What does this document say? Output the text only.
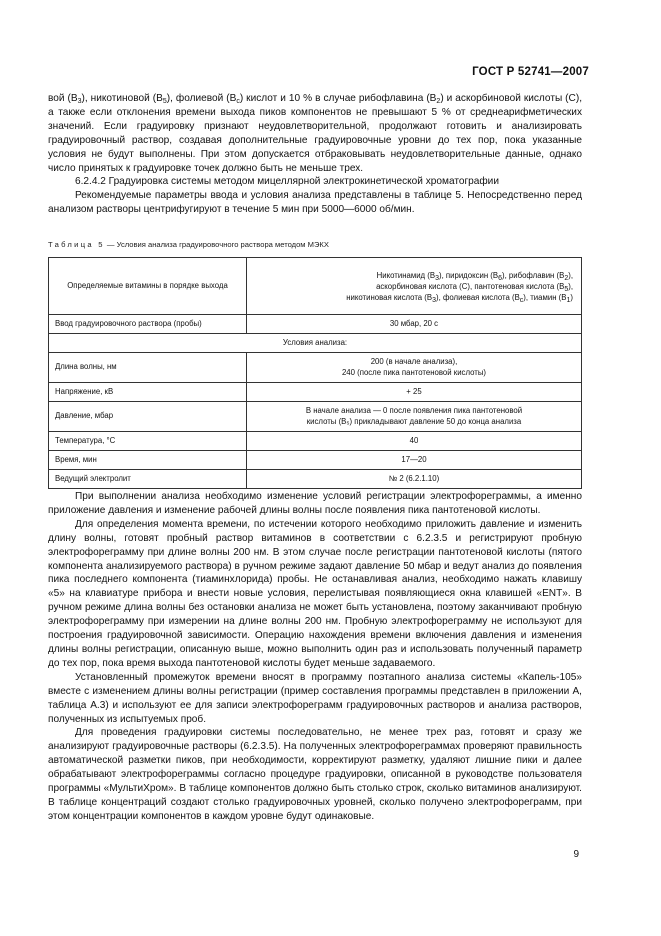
ГОСТ Р 52741—2007

вой $(В_3)$, никотиновой $(В_5)$, фолиевой $(В_с)$ кислот и 10 % в случае рибофлавина $(В_2)$ и аскорбиновой кислоты (С), а также если отклонения времени выхода пиков компонентов не превышают 5 % от среднеарифметических значений. Если градуировку признают неудовлетворительной, продолжают готовить и анализировать градуировочный раствор, создавая дополнительные градуировочные уровни до тех пор, пока указанные условия не будут выполнены. При этом допускается отбраковывать неудовлетворительные данные, однако число принятых к градуировке точек должно быть не меньше трех.

6.2.4.2 Градуировка системы методом мицеллярной электрокинетической хроматографии

Рекомендуемые параметры ввода и условия анализа представлены в таблице 5. Непосредственно перед анализом растворы центрифугируют в течение 5 мин при 5000—6000 об/мин.

Таблица 5 — Условия анализа градуировочного раствора методом МЭКХ
Определяемые витамины в порядке выхода	Никотинамид $(В_3)$, пиридоксин $(В_6)$, рибофлавин $(В_2)$,
аскорбиновая кислота (С), пантотеновая кислота $(В_5)$,
никотиновая кислота $(В_3)$, фолиевая кислота $(В_с)$, тиамин $(В_1)$
Ввод градуировочного раствора (пробы)	30 мбар, 20 с
Условия анализа:	
Длина волны, нм	200 (в начале анализа),
240 (после пика пантотеновой кислоты)
Напряжение, кВ	+ 25
Давление, мбар	В начале анализа — 0 после появления пика пантотеновой
кислоты (В₅) прикладывают давление 50 до конца анализа
Температура, °С	40
Время, мин	17—20
Ведущий электролит	№ 2 (6.2.1.10)

При выполнении анализа необходимо изменение условий регистрации электрофореграммы, а именно приложение давления и изменение рабочей длины волны после появления пика пантотеновой кислоты.

Для определения момента времени, по истечении которого необходимо приложить давление и изменить длину волны, готовят пробный раствор витаминов в соответствии с 6.2.3.5 и регистрируют пробную электрофореграмму при длине волны 200 нм. В этом случае после регистрации пантотеновой кислоты (пятого компонента анализируемого раствора) в ручном режиме задают давление 50 мбар и ведут анализ до появления пика последнего компонента (тиаминхлорида) пробы. Не останавливая анализ, необходимо нажать клавишу «5» на клавиатуре прибора и внести новые условия, перелистывая появляющиеся окна клавишей «ENT». В ручном режиме длина волны без остановки анализа не может быть установлена, поэтому заканчивают пробную электрофореграмму при измерении на длине волны 200 нм. Пробную электрофореграмму не используют для построения градуировочной зависимости. Операцию нахождения времени включения давления и изменения длины волны регистрации, описанную выше, можно выполнить один раз и использовать полученный параметр до тех пор, пока время выхода пантотеновой кислоты будет меньше задаваемого.

Установленный промежуток времени вносят в программу поэтапного анализа системы «Капель-105» вместе с изменением длины волны регистрации (пример составления программы представлен в приложении А, таблица А.3) и используют ее для записи электрофореграмм градуировочных растворов и анализа растворов, полученных из испытуемых проб.

Для проведения градуировки системы последовательно, не менее трех раз, готовят и сразу же анализируют градуировочные растворы (6.2.3.5). На полученных электрофореграммах проверяют правильность автоматической разметки пиков, при необходимости, корректируют разметку, удаляют лишние пики и далее обрабатывают электрофореграммы согласно процедуре градуировки, описанной в руководстве пользователя программы «МультиХром». В таблице компонентов должно быть столько строк, сколько витаминов анализируют. В таблице концентраций создают столько градуировочных уровней, сколько получено электрофореграмм, при этом концентрации компонентов в каждом уровне будут одинаковые.

9
